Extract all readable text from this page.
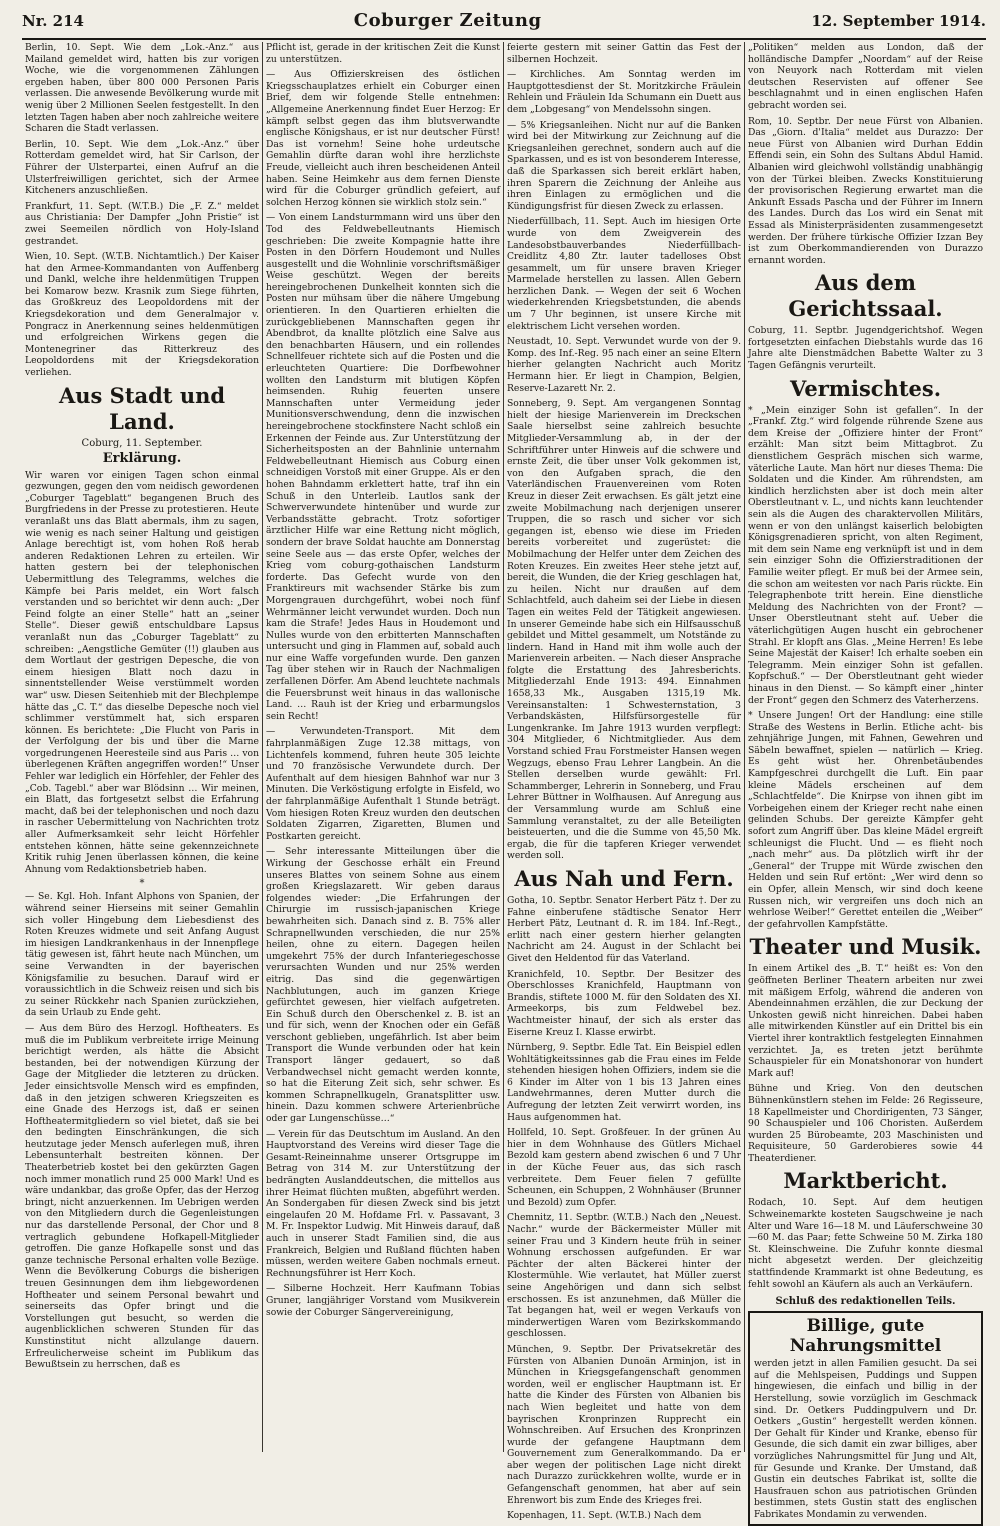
Nr. 214	Coburger Zeitung	12. September 1914.

Berlin, 10. Sept. Wie dem „Lok.-Anz.“ aus Mailand gemeldet wird, hatten bis zur vorigen Woche, wie die vorgenommenen Zählungen ergeben haben, über 800 000 Personen Paris verlassen. Die anwesende Bevölkerung wurde mit wenig über 2 Millionen Seelen festgestellt. In den letzten Tagen haben aber noch zahlreiche weitere Scharen die Stadt verlassen.

Berlin, 10. Sept. Wie dem „Lok.-Anz.“ über Rotterdam gemeldet wird, hat Sir Carlson, der Führer der Ulsterpartei, einen Aufruf an die Ulsterfreiwilligen gerichtet, sich der Armee Kitcheners anzuschließen.

Frankfurt, 11. Sept. (W.T.B.) Die „F. Z.“ meldet aus Christiania: Der Dampfer „John Pristie“ ist zwei Seemeilen nördlich von Holy-Island gestrandet.

Wien, 10. Sept. (W.T.B. Nichtamtlich.) Der Kaiser hat den Armee-Kommandanten von Auffenberg und Dankl, welche ihre heldenmütigen Truppen bei Komarow bezw. Krasnik zum Siege führten, das Großkreuz des Leopoldordens mit der Kriegsdekoration und dem Generalmajor v. Pongracz in Anerkennung seines heldenmütigen und erfolgreichen Wirkens gegen die Montenegriner das Ritterkreuz des Leopoldordens mit der Kriegsdekoration verliehen.

Aus Stadt und Land.
Coburg, 11. September.
Erklärung.

Wir waren vor einigen Tagen schon einmal gezwungen, gegen den vom neidisch gewordenen „Coburger Tageblatt“ begangenen Bruch des Burgfriedens in der Presse zu protestieren. Heute veranlaßt uns das Blatt abermals, ihm zu sagen, wie wenig es nach seiner Haltung und geistigen Anlage berechtigt ist, vom hohen Roß herab anderen Redaktionen Lehren zu erteilen. Wir hatten gestern bei der telephonischen Uebermittlung des Telegramms, welches die Kämpfe bei Paris meldet, ein Wort falsch verstanden und so berichtet wir denn auch: „Der Feind folgte an einer Stelle“ hatt an „seiner Stelle“. Dieser gewiß entschuldbare Lapsus veranlaßt nun das „Coburger Tageblatt“ zu schreiben: „Aengstliche Gemüter (!!) glauben aus dem Wortlaut der gestrigen Depesche, die von einem hiesigen Blatt noch dazu in sinnentstellender Weise verstümmelt worden war“ usw. Diesen Seitenhieb mit der Blechplempe hätte das „C. T.“ das dieselbe Depesche noch viel schlimmer verstümmelt hat, sich ersparen können. Es berichtete: „Die Flucht von Paris in der Verfolgung der bis und über die Marne vorgedrungenen Heeresteile sind aus Paris … von überlegenen Kräften angegriffen worden!“ Unser Fehler war lediglich ein Hörfehler, der Fehler des „Cob. Tagebl.“ aber war Blödsinn … Wir meinen, ein Blatt, das fortgesetzt selbst die Erfahrung macht, daß bei der telephonischen und noch dazu in rascher Uebermittelung von Nachrichten trotz aller Aufmerksamkeit sehr leicht Hörfehler entstehen können, hätte seine gekennzeichnete Kritik ruhig Jenen überlassen können, die keine Ahnung vom Redaktionsbetrieb haben.

*

— Se. Kgl. Hoh. Infant Alphons von Spanien, der während seiner Hierseins mit seiner Gemahlin sich voller Hingebung dem Liebesdienst des Roten Kreuzes widmete und seit Anfang August im hiesigen Landkrankenhaus in der Innenpflege tätig gewesen ist, fährt heute nach München, um seine Verwandten in der bayerischen Königsfamilie zu besuchen. Darauf wird er voraussichtlich in die Schweiz reisen und sich bis zu seiner Rückkehr nach Spanien zurückziehen, da sein Urlaub zu Ende geht.

— Aus dem Büro des Herzogl. Hoftheaters. Es muß die im Publikum verbreitete irrige Meinung berichtigt werden, als hätte die Absicht bestanden, bei der notwendigen Kürzung der Gage der Mitglieder die letzteren zu drücken. Jeder einsichtsvolle Mensch wird es empfinden, daß in den jetzigen schweren Kriegszeiten es eine Gnade des Herzogs ist, daß er seinen Hoftheatermitgliedern so viel bietet, daß sie bei den bedingten Einschränkungen, die sich heutzutage jeder Mensch auferlegen muß, ihren Lebensunterhalt bestreiten können. Der Theaterbetrieb kostet bei den gekürzten Gagen noch immer monatlich rund 25 000 Mark! Und es wäre undankbar, das große Opfer, das der Herzog bringt, nicht anzuerkennen. Im Uebrigen werden von den Mitgliedern durch die Gegenleistungen nur das darstellende Personal, der Chor und 8 vertraglich gebundene Hofkapell-Mitglieder getroffen. Die ganze Hofkapelle sonst und das ganze technische Personal erhalten volle Bezüge. Wenn die Bevölkerung Coburgs die bisherigen treuen Gesinnungen dem ihm liebgewordenen Hoftheater und seinem Personal bewahrt und seinerseits das Opfer bringt und die Vorstellungen gut besucht, so werden die augenblicklichen schweren Stunden für das Kunstinstitut nicht allzulange dauern. Erfreulicherweise scheint im Publikum das Bewußtsein zu herrschen, daß es

Pflicht ist, gerade in der kritischen Zeit die Kunst zu unterstützen.

— Aus Offizierskreisen des östlichen Kriegsschauplatzes erhielt ein Coburger einen Brief, dem wir folgende Stelle entnehmen: „Allgemeine Anerkennung findet Euer Herzog: Er kämpft selbst gegen das ihm blutsverwandte englische Königshaus, er ist nur deutscher Fürst! Das ist vornehm! Seine hohe urdeutsche Gemahlin dürfte daran wohl ihre herzlichste Freude, vielleicht auch ihren bescheidenen Anteil haben. Seine Heimkehr aus dem fernen Dienste wird für die Coburger gründlich gefeiert, auf solchen Herzog können sie wirklich stolz sein.“

— Von einem Landsturmmann wird uns über den Tod des Feldwebelleutnants Hiemisch geschrieben: Die zweite Kompagnie hatte ihre Posten in den Dörfern Houdemont und Nulles ausgestellt und die Wohnlinie vorschriftsmäßiger Weise geschützt. Wegen der bereits hereingebrochenen Dunkelheit konnten sich die Posten nur mühsam über die nähere Umgebung orientieren. In den Quartieren erhielten die zurückgebliebenen Mannschaften gegen ihr Abendbrot, da knallte plötzlich eine Salve aus den benachbarten Häusern, und ein rollendes Schnellfeuer richtete sich auf die Posten und die erleuchteten Quartiere: Die Dorfbewohner wollten den Landsturm mit blutigen Köpfen heimsenden. Ruhig feuerten unsere Mannschaften unter Vermeidung jeder Munitionsverschwendung, denn die inzwischen hereingebrochene stockfinstere Nacht schloß ein Erkennen der Feinde aus. Zur Unterstützung der Sicherheitsposten an der Bahnlinie unternahm Feldwebelleutnant Hiemisch aus Coburg einen schneidigen Vorstoß mit einer Gruppe. Als er den hohen Bahndamm erklettert hatte, traf ihn ein Schuß in den Unterleib. Lautlos sank der Schwerverwundete hintenüber und wurde zur Verbandsstätte gebracht. Trotz sofortiger ärztlicher Hilfe war eine Rettung nicht möglich, sondern der brave Soldat hauchte am Donnerstag seine Seele aus — das erste Opfer, welches der Krieg vom coburg-gothaischen Landsturm forderte. Das Gefecht wurde von den Franktireurs mit wachsender Stärke bis zum Morgengrauen durchgeführt, wobei noch fünf Wehrmänner leicht verwundet wurden. Doch nun kam die Strafe! Jedes Haus in Houdemont und Nulles wurde von den erbitterten Mannschaften untersucht und ging in Flammen auf, sobald auch nur eine Waffe vorgefunden wurde. Den ganzen Tag über stehen wir in Rauch der Nachmaligen zerfallenen Dörfer. Am Abend leuchtete nachmals die Feuersbrunst weit hinaus in das wallonische Land. … Rauh ist der Krieg und erbarmungslos sein Recht!

— Verwundeten-Transport. Mit dem fahrplanmäßigen Zuge 12.38 mittags, von Lichtenfels kommend, fuhren heute 305 leichte und 70 französische Verwundete durch. Der Aufenthalt auf dem hiesigen Bahnhof war nur 3 Minuten. Die Verköstigung erfolgte in Eisfeld, wo der fahrplanmäßige Aufenthalt 1 Stunde beträgt. Vom hiesigen Roten Kreuz wurden den deutschen Soldaten Zigarren, Zigaretten, Blumen und Postkarten gereicht.

— Sehr interessante Mitteilungen über die Wirkung der Geschosse erhält ein Freund unseres Blattes von seinem Sohne aus einem großen Kriegslazarett. Wir geben daraus folgendes wieder: „Die Erfahrungen der Chirurgie im russisch-japanischen Kriege bewahrheiten sich. Danach sind z. B. 75% aller Schrapnellwunden verschieden, die nur 25% heilen, ohne zu eitern. Dagegen heilen umgekehrt 75% der durch Infanteriegeschosse verursachten Wunden und nur 25% werden eitrig. Das sind die gegenwärtigen Nachblutungen, auch im ganzen Kriege gefürchtet gewesen, hier vielfach aufgetreten. Ein Schuß durch den Oberschenkel z. B. ist an und für sich, wenn der Knochen oder ein Gefäß verschont geblieben, ungefährlich. Ist aber beim Transport die Wunde verbunden oder hat kein Transport länger gedauert, so daß Verbandwechsel nicht gemacht werden konnte, so hat die Eiterung Zeit sich, sehr schwer. Es kommen Schrapnellkugeln, Granatsplitter usw. hinein. Dazu kommen schwere Arterienbrüche oder gar Lungenschüsse…“

— Verein für das Deutschtum im Ausland. An den Hauptvorstand des Vereins wird dieser Tage die Gesamt-Reineinnahme unserer Ortsgruppe im Betrag von 314 M. zur Unterstützung der bedrängten Auslanddeutschen, die mittellos aus ihrer Heimat flüchten mußten, abgeführt werden. An Sondergaben für diesen Zweck sind bis jetzt eingelaufen 20 M. Hofdame Frl. v. Passavant, 3 M. Fr. Inspektor Ludwig. Mit Hinweis darauf, daß auch in unserer Stadt Familien sind, die aus Frankreich, Belgien und Rußland flüchten haben müssen, werden weitere Gaben nochmals erneut. Rechnungsführer ist Herr Koch.

— Silberne Hochzeit. Herr Kaufmann Tobias Gruner, langjähriger Vorstand vom Musikverein sowie der Coburger Sängervereinigung,

feierte gestern mit seiner Gattin das Fest der silbernen Hochzeit.

— Kirchliches. Am Sonntag werden im Hauptgottesdienst der St. Moritzkirche Fräulein Rehlein und Fräulein Ida Schumann ein Duett aus dem „Lobgesang“ von Mendelssohn singen.

— 5% Kriegsanleihen. Nicht nur auf die Banken wird bei der Mitwirkung zur Zeichnung auf die Kriegsanleihen gerechnet, sondern auch auf die Sparkassen, und es ist von besonderem Interesse, daß die Sparkassen sich bereit erklärt haben, ihren Sparern die Zeichnung der Anleihe aus ihren Einlagen zu ermöglichen und die Kündigungsfrist für diesen Zweck zu erlassen.

Niederfüllbach, 11. Sept. Auch im hiesigen Orte wurde von dem Zweigverein des Landesobstbauverbandes Niederfüllbach-Creidlitz 4,80 Ztr. lauter tadelloses Obst gesammelt, um für unsere braven Krieger Marmelade herstellen zu lassen. Allen Gebern herzlichen Dank. — Wegen der seit 6 Wochen wiederkehrenden Kriegsbetstunden, die abends um 7 Uhr beginnen, ist unsere Kirche mit elektrischem Licht versehen worden.

Neustadt, 10. Sept. Verwundet wurde von der 9. Komp. des Inf.-Reg. 95 nach einer an seine Eltern hierher gelangten Nachricht auch Moritz Hermann hier. Er liegt in Champion, Belgien, Reserve-Lazarett Nr. 2.

Sonneberg, 9. Sept. Am vergangenen Sonntag hielt der hiesige Marienverein im Dreckschen Saale hierselbst seine zahlreich besuchte Mitglieder-Versammlung ab, in der der Schriftführer unter Hinweis auf die schwere und ernste Zeit, die über unser Volk gekommen ist, von den Aufgaben sprach, die den Vaterländischen Frauenvereinen vom Roten Kreuz in dieser Zeit erwachsen. Es gält jetzt eine zweite Mobilmachung nach derjenigen unserer Truppen, die so rasch und sicher vor sich gegangen ist, ebenso wie diese im Frieden bereits vorbereitet und zugerüstet: die Mobilmachung der Helfer unter dem Zeichen des Roten Kreuzes. Ein zweites Heer stehe jetzt auf, bereit, die Wunden, die der Krieg geschlagen hat, zu heilen. Nicht nur draußen auf dem Schlachtfeld, auch daheim sei der Liebe in diesen Tagen ein weites Feld der Tätigkeit angewiesen. In unserer Gemeinde habe sich ein Hilfsausschuß gebildet und Mittel gesammelt, um Notstände zu lindern. Hand in Hand mit ihm wolle auch der Marienverein arbeiten. — Nach dieser Ansprache folgte die Erstattung des Jahresberichts. Mitgliederzahl Ende 1913: 494. Einnahmen 1658,33 Mk., Ausgaben 1315,19 Mk. Vereinsanstalten: 1 Schwesternstation, 3 Verbandskästen, Hilfsfürsorgestelle für Lungenkranke. Im Jahre 1913 wurden verpflegt: 304 Mitglieder, 6 Nichtmitglieder. Aus dem Vorstand schied Frau Forstmeister Hansen wegen Wegzugs, ebenso Frau Lehrer Langbein. An die Stellen derselben wurde gewählt: Frl. Schammberger, Lehrerin in Sonneberg, und Frau Lehrer Büttner in Wolfhausen. Auf Anregung aus der Versammlung wurde am Schluß eine Sammlung veranstaltet, zu der alle Beteiligten beisteuerten, und die die Summe von 45,50 Mk. ergab, die für die tapferen Krieger verwendet werden soll.

Aus Nah und Fern.

Gotha, 10. Septbr. Senator Herbert Pätz †. Der zu Fahne einberufene städtische Senator Herr Herbert Pätz, Leutnant d. R. im 184. Inf.-Regt., erlitt nach einer gestern hierher gelangten Nachricht am 24. August in der Schlacht bei Givet den Heldentod für das Vaterland.

Kranichfeld, 10. Septbr. Der Besitzer des Oberschlosses Kranichfeld, Hauptmann von Brandis, stiftete 1000 M. für den Soldaten des XI. Armeekorps, bis zum Feldwebel bez. Wachtmeister hinauf, der sich als erster das Eiserne Kreuz I. Klasse erwirbt.

Nürnberg, 9. Septbr. Edle Tat. Ein Beispiel edlen Wohltätigkeitssinnes gab die Frau eines im Felde stehenden hiesigen hohen Offiziers, indem sie die 6 Kinder im Alter von 1 bis 13 Jahren eines Landwehrmannes, deren Mutter durch die Aufregung der letzten Zeit verwirrt worden, ins Haus aufgenommen hat.

Hollfeld, 10. Sept. Großfeuer. In der grünen Au hier in dem Wohnhause des Gütlers Michael Bezold kam gestern abend zwischen 6 und 7 Uhr in der Küche Feuer aus, das sich rasch verbreitete. Dem Feuer fielen 7 gefüllte Scheunen, ein Schuppen, 2 Wohnhäuser (Brunner und Bezold) zum Opfer.

Chemnitz, 11. Septbr. (W.T.B.) Nach den „Neuest. Nachr.“ wurde der Bäckermeister Müller mit seiner Frau und 3 Kindern heute früh in seiner Wohnung erschossen aufgefunden. Er war Pächter der alten Bäckerei hinter der Klostermühle. Wie verlautet, hat Müller zuerst seine Angehörigen und dann sich selbst erschossen. Es ist anzunehmen, daß Müller die Tat begangen hat, weil er wegen Verkaufs von minderwertigen Waren vom Bezirkskommando geschlossen.

München, 9. Septbr. Der Privatsekretär des Fürsten von Albanien Dunoän Arminjon, ist in München in Kriegsgefangenschaft genommen worden, weil er englischer Hauptmann ist. Er hatte die Kinder des Fürsten von Albanien bis nach Wien begleitet und hatte von dem bayrischen Kronprinzen Rupprecht ein Wohnschreiben. Auf Ersuchen des Kronprinzen wurde der gefangene Hauptmann dem Gouvernement zum Generalkommando. Da er aber wegen der politischen Lage nicht direkt nach Durazzo zurückkehren wollte, wurde er in Gefangenschaft genommen, hat aber auf sein Ehrenwort bis zum Ende des Krieges frei.

Kopenhagen, 11. Sept. (W.T.B.) Nach dem

„Politiken“ melden aus London, daß der holländische Dampfer „Noordam“ auf der Reise von Neuyork nach Rotterdam mit vielen deutschen Reservisten auf offener See beschlagnahmt und in einen englischen Hafen gebracht worden sei.

Rom, 10. Septbr. Der neue Fürst von Albanien. Das „Giorn. d'Italia“ meldet aus Durazzo: Der neue Fürst von Albanien wird Durhan Eddin Effendi sein, ein Sohn des Sultans Abdul Hamid. Albanien wird gleichwohl vollständig unabhängig von der Türkei bleiben. Zwecks Konstituierung der provisorischen Regierung erwartet man die Ankunft Essads Pascha und der Führer im Innern des Landes. Durch das Los wird ein Senat mit Essad als Ministerpräsidenten zusammengesetzt werden. Der frühere türkische Offizier Izzan Bey ist zum Oberkommandierenden von Durazzo ernannt worden.

Aus dem Gerichtssaal.

Coburg, 11. Septbr. Jugendgerichtshof. Wegen fortgesetzten einfachen Diebstahls wurde das 16 Jahre alte Dienstmädchen Babette Walter zu 3 Tagen Gefängnis verurteilt.

Vermischtes.

* „Mein einziger Sohn ist gefallen“. In der „Frankf. Ztg.“ wird folgende rührende Szene aus dem Kreise der „Offiziere hinter der Front“ erzählt: Man sitzt beim Mittagbrot. Zu dienstlichem Gespräch mischen sich warme, väterliche Laute. Man hört nur dieses Thema: Die Soldaten und die Kinder. Am rührendsten, am kindlich herzlichsten aber ist doch mein alter Oberstleutnant v. L., und nichts kann leuchtender sein als die Augen des charaktervollen Militärs, wenn er von den unlängst kaiserlich belobigten Königsgrenadieren spricht, von alten Regiment, mit dem sein Name eng verknüpft ist und in dem sein einziger Sohn die Offizierstraditionen der Familie weiter pflegt. Er muß bei der Armee sein, die schon am weitesten vor nach Paris rückte. Ein Telegraphenbote tritt herein. Eine dienstliche Meldung des Nachrichten von der Front? — Unser Oberstleutnant steht auf. Ueber die väterlichgütigen Augen huscht ein gebrochener Strahl. Er klopft ans Glas. „Meine Herren! Es lebe Seine Majestät der Kaiser! Ich erhalte soeben ein Telegramm. Mein einziger Sohn ist gefallen. Kopfschuß.“ — Der Oberstleutnant geht wieder hinaus in den Dienst. — So kämpft einer „hinter der Front“ gegen den Schmerz des Vaterherzens.

* Unsere Jungen! Ort der Handlung: eine stille Straße des Westens in Berlin. Etliche acht- bis zehnjährige Jungen, mit Fahnen, Gewehren und Säbeln bewaffnet, spielen — natürlich — Krieg. Es geht wüst her. Ohrenbetäubendes Kampfgeschrei durchgellt die Luft. Ein paar kleine Mädels erscheinen auf dem „Schlachtfelde“. Die Knirpse von ihnen gibt im Vorbeigehen einem der Krieger recht nahe einen gelinden Schubs. Der gereizte Kämpfer geht sofort zum Angriff über. Das kleine Mädel ergreift schleunigst die Flucht. Und — es flieht noch „nach mehr“ aus. Da plötzlich wirft ihr der „General“ der Truppe mit Würde zwischen den Helden und sein Ruf ertönt: „Wer wird denn so ein Opfer, allein Mensch, wir sind doch keene Russen nich, wir vergreifen uns doch nich an wehrlose Weiber!“ Gerettet enteilen die „Weiber“ der gefahrvollen Kampfstätte.

Theater und Musik.

In einem Artikel des „B. T.“ heißt es: Von den geöffneten Berliner Theatern arbeiten nur zwei mit mäßigem Erfolg, während die anderen von Abendeinnahmen erzählen, die zur Deckung der Unkosten gewiß nicht hinreichen. Dabei haben alle mitwirkenden Künstler auf ein Drittel bis ein Viertel ihrer kontraktlich festgelegten Einnahmen verzichtet. Ja, es treten jetzt berühmte Schauspieler für ein Monatshonorar von hundert Mark auf!

Bühne und Krieg. Von den deutschen Bühnenkünstlern stehen im Felde: 26 Regisseure, 18 Kapellmeister und Chordirigenten, 73 Sänger, 90 Schauspieler und 106 Choristen. Außerdem wurden 25 Bürobeamte, 203 Maschinisten und Requisiteure, 50 Garderobieres sowie 44 Theaterdiener.

Marktbericht.

Rodach, 10. Sept. Auf dem heutigen Schweinemarkte kosteten Saugschweine je nach Alter und Ware 16—18 M. und Läuferschweine 30—60 M. das Paar; fette Schweine 50 M. Zirka 180 St. Kleinschweine. Die Zufuhr konnte diesmal nicht abgesetzt werden. Der gleichzeitig stattfindende Krammarkt ist ohne Bedeutung, es fehlt sowohl an Käufern als auch an Verkäufern.

Schluß des redaktionellen Teils.
Billige, gute Nahrungsmittel

werden jetzt in allen Familien gesucht. Da sei auf die Mehlspeisen, Puddings und Suppen hingewiesen, die einfach und billig in der Herstellung, sowie vorzüglich im Geschmack sind. Dr. Oetkers Puddingpulvern und Dr. Oetkers „Gustin“ hergestellt werden können. Der Gehalt für Kinder und Kranke, ebenso für Gesunde, die sich damit ein zwar billiges, aber vorzügliches Nahrungsmittel für Jung und Alt, für Gesunde und Kranke. Der Umstand, daß Gustin ein deutsches Fabrikat ist, sollte die Hausfrauen schon aus patriotischen Gründen bestimmen, stets Gustin statt des englischen Fabrikates Mondamin zu verwenden.
